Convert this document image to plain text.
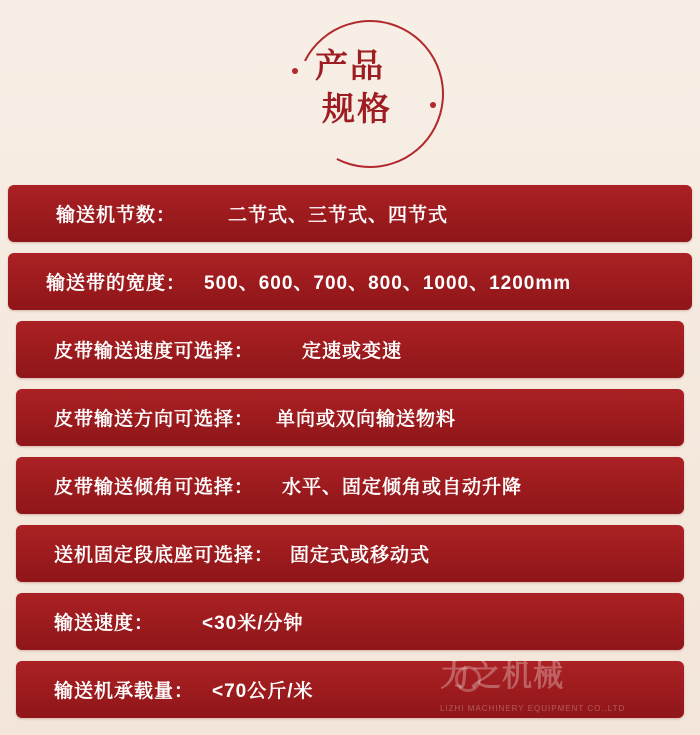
产品
规格
输送机节数：	二节式、三节式、四节式
输送带的宽度： 500、600、700、800、1000、1200mm
皮带输送速度可选择：	定速或变速
皮带输送方向可选择： 单向或双向输送物料
皮带输送倾角可选择： 水平、固定倾角或自动升降
送机固定段底座可选择： 固定式或移动式
输送速度：	<30米/分钟
输送机承载量： <70公斤/米	力之机械
LIZHI MACHINERY EQUIPMENT CO.,LTD
